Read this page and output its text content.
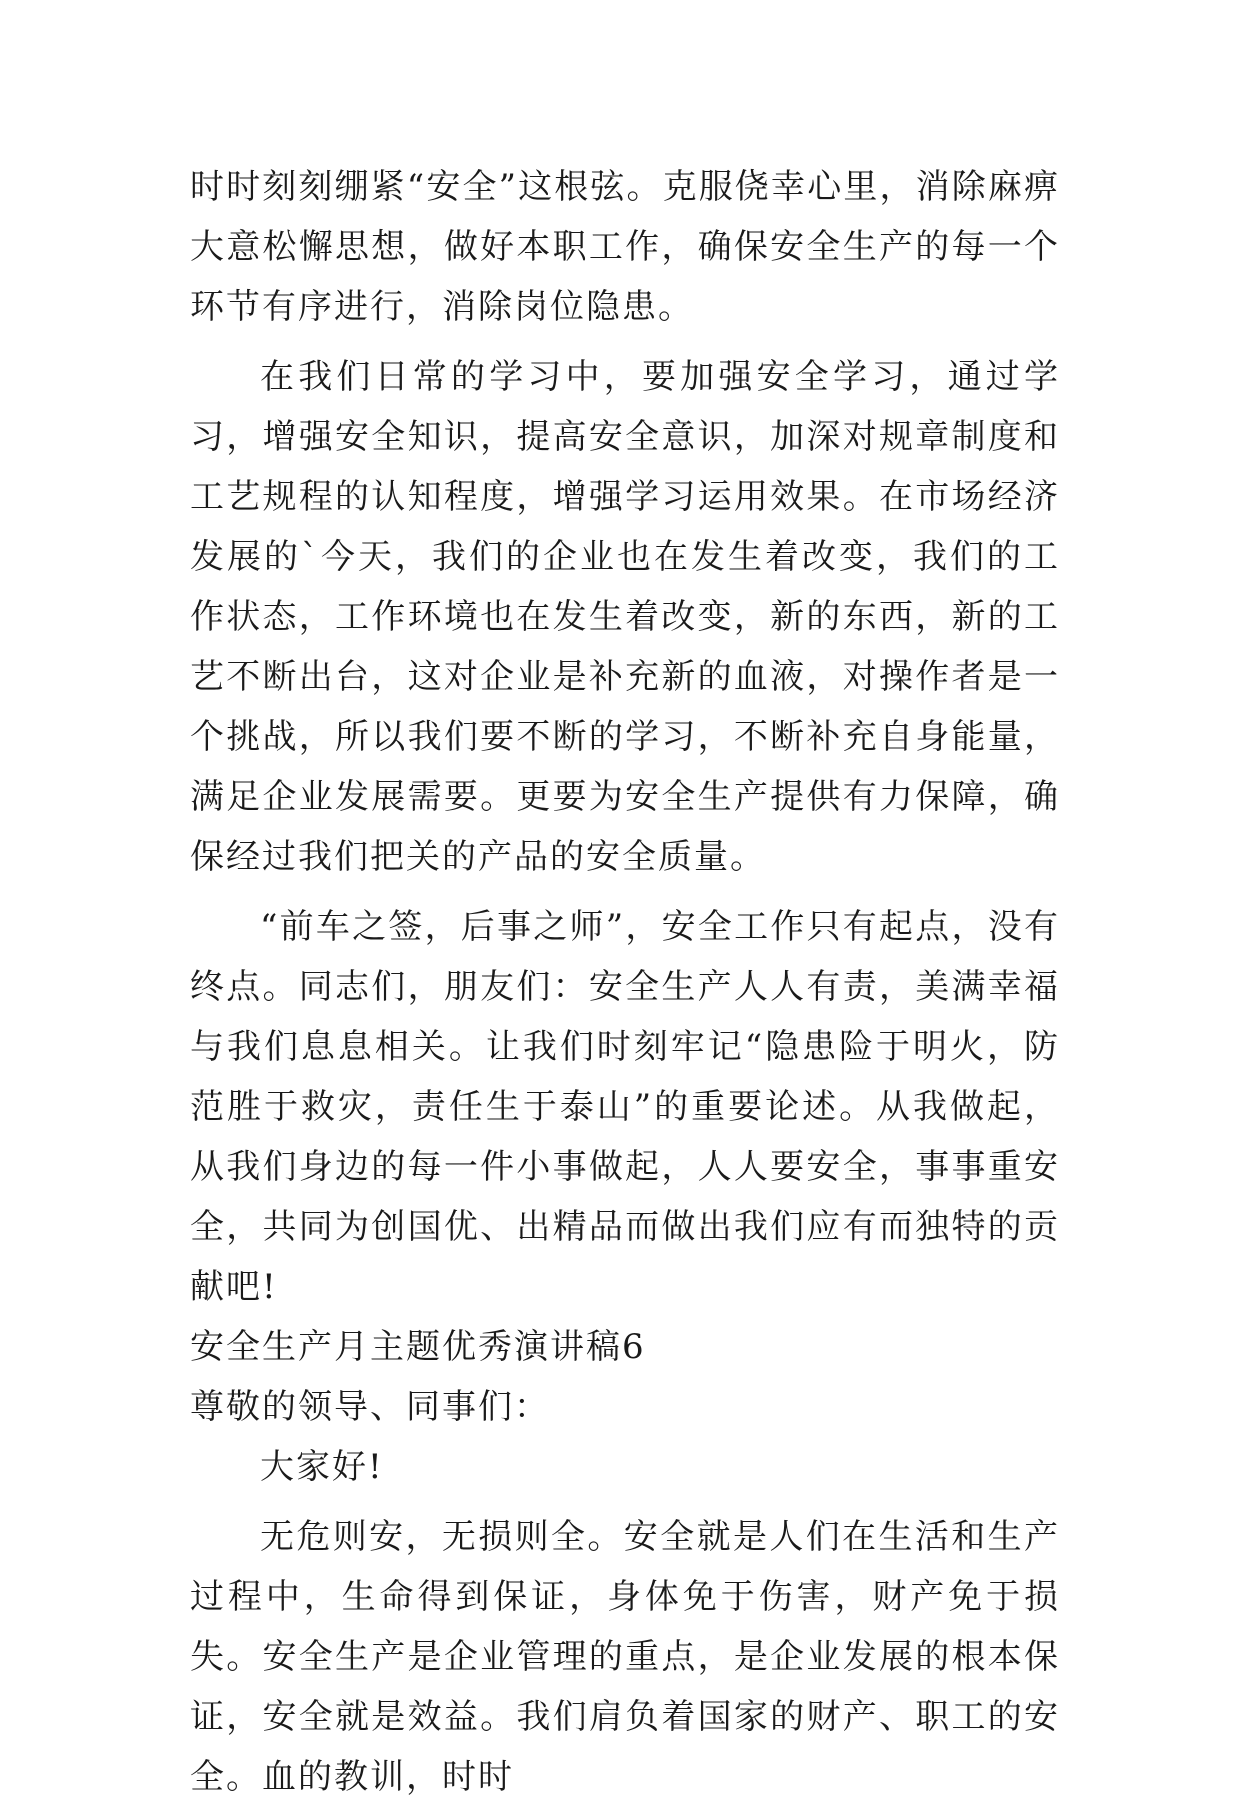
时时刻刻绷紧“安全”这根弦。克服侥幸心里，消除麻痹大意松懈思想，做好本职工作，确保安全生产的每一个环节有序进行，消除岗位隐患。

在我们日常的学习中，要加强安全学习，通过学习，增强安全知识，提高安全意识，加深对规章制度和工艺规程的认知程度，增强学习运用效果。在市场经济发展的`今天，我们的企业也在发生着改变，我们的工作状态，工作环境也在发生着改变，新的东西，新的工艺不断出台，这对企业是补充新的血液，对操作者是一个挑战，所以我们要不断的学习，不断补充自身能量，满足企业发展需要。更要为安全生产提供有力保障，确保经过我们把关的产品的安全质量。

“前车之签，后事之师”，安全工作只有起点，没有终点。同志们，朋友们：安全生产人人有责，美满幸福与我们息息相关。让我们时刻牢记“隐患险于明火，防范胜于救灾，责任生于泰山”的重要论述。从我做起，从我们身边的每一件小事做起，人人要安全，事事重安全，共同为创国优、出精品而做出我们应有而独特的贡献吧!

安全生产月主题优秀演讲稿6

尊敬的领导、同事们：

大家好!

无危则安，无损则全。安全就是人们在生活和生产过程中，生命得到保证，身体免于伤害，财产免于损失。安全生产是企业管理的重点，是企业发展的根本保证，安全就是效益。我们肩负着国家的财产、职工的安全。血的教训，时时
